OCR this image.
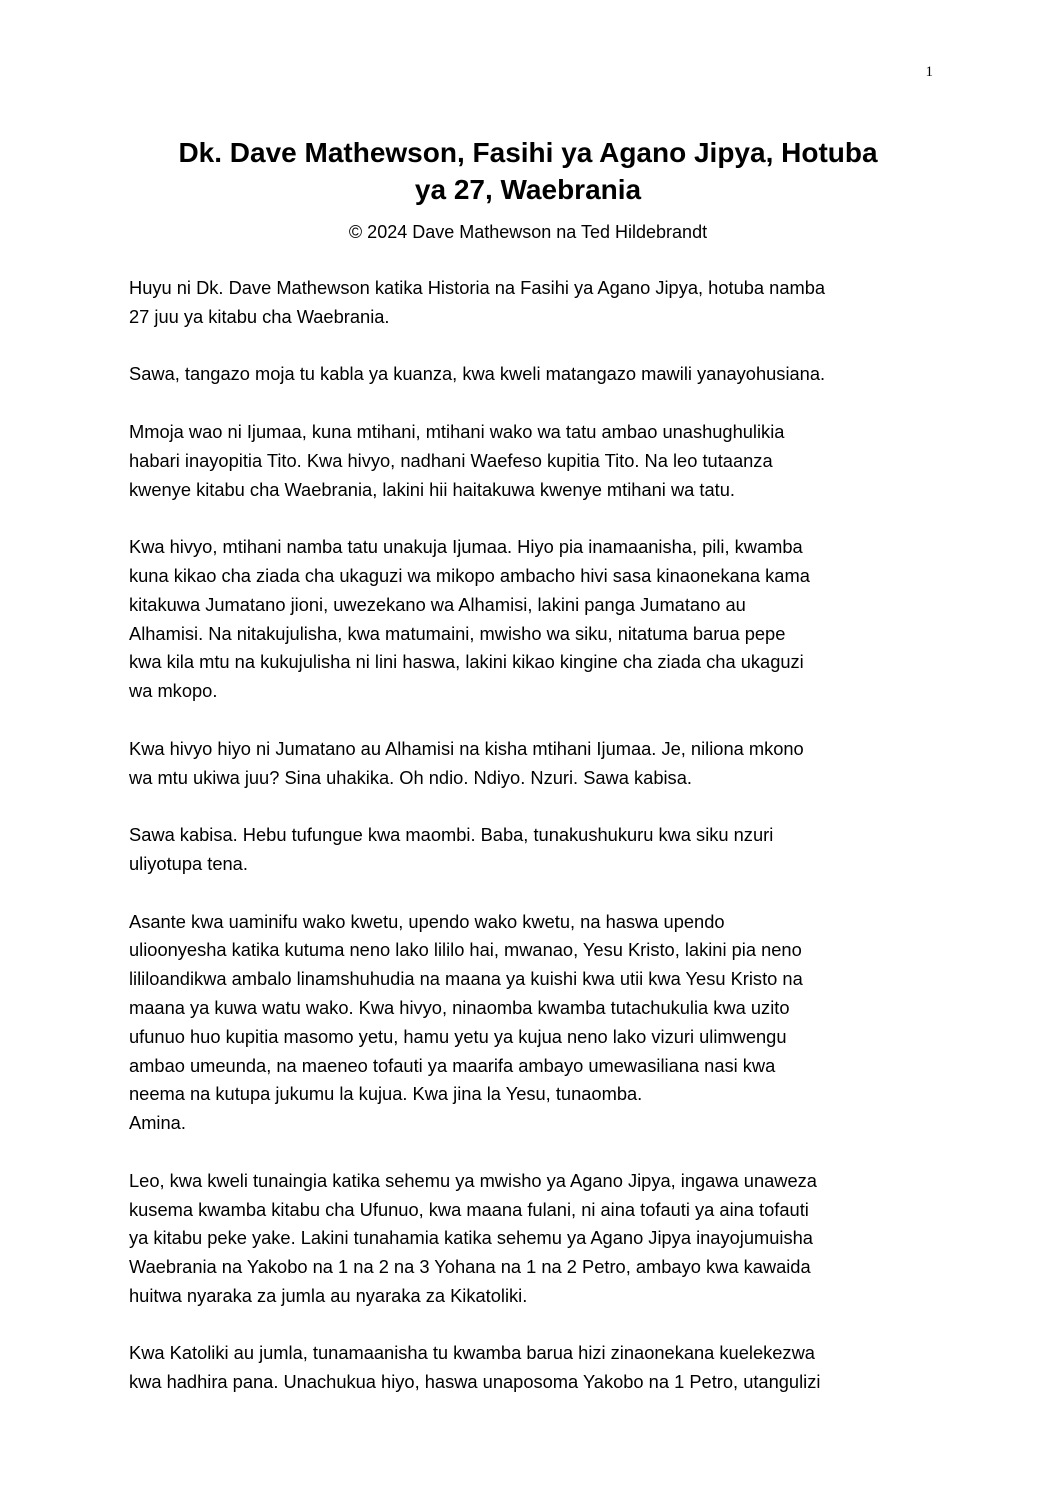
1
Dk. Dave Mathewson, Fasihi ya Agano Jipya, Hotuba
ya 27, Waebrania
© 2024 Dave Mathewson na Ted Hildebrandt

Huyu ni Dk. Dave Mathewson katika Historia na Fasihi ya Agano Jipya, hotuba namba
27 juu ya kitabu cha Waebrania.

Sawa, tangazo moja tu kabla ya kuanza, kwa kweli matangazo mawili yanayohusiana.

Mmoja wao ni Ijumaa, kuna mtihani, mtihani wako wa tatu ambao unashughulikia
habari inayopitia Tito. Kwa hivyo, nadhani Waefeso kupitia Tito. Na leo tutaanza
kwenye kitabu cha Waebrania, lakini hii haitakuwa kwenye mtihani wa tatu.

Kwa hivyo, mtihani namba tatu unakuja Ijumaa. Hiyo pia inamaanisha, pili, kwamba
kuna kikao cha ziada cha ukaguzi wa mikopo ambacho hivi sasa kinaonekana kama
kitakuwa Jumatano jioni, uwezekano wa Alhamisi, lakini panga Jumatano au
Alhamisi. Na nitakujulisha, kwa matumaini, mwisho wa siku, nitatuma barua pepe
kwa kila mtu na kukujulisha ni lini haswa, lakini kikao kingine cha ziada cha ukaguzi
wa mkopo.

Kwa hivyo hiyo ni Jumatano au Alhamisi na kisha mtihani Ijumaa. Je, niliona mkono
wa mtu ukiwa juu? Sina uhakika. Oh ndio. Ndiyo. Nzuri. Sawa kabisa.

Sawa kabisa. Hebu tufungue kwa maombi. Baba, tunakushukuru kwa siku nzuri
uliyotupa tena.

Asante kwa uaminifu wako kwetu, upendo wako kwetu, na haswa upendo
ulioonyesha katika kutuma neno lako lililo hai, mwanao, Yesu Kristo, lakini pia neno
lililoandikwa ambalo linamshuhudia na maana ya kuishi kwa utii kwa Yesu Kristo na
maana ya kuwa watu wako. Kwa hivyo, ninaomba kwamba tutachukulia kwa uzito
ufunuo huo kupitia masomo yetu, hamu yetu ya kujua neno lako vizuri ulimwengu
ambao umeunda, na maeneo tofauti ya maarifa ambayo umewasiliana nasi kwa
neema na kutupa jukumu la kujua. Kwa jina la Yesu, tunaomba.
Amina.

Leo, kwa kweli tunaingia katika sehemu ya mwisho ya Agano Jipya, ingawa unaweza
kusema kwamba kitabu cha Ufunuo, kwa maana fulani, ni aina tofauti ya aina tofauti
ya kitabu peke yake. Lakini tunahamia katika sehemu ya Agano Jipya inayojumuisha
Waebrania na Yakobo na 1 na 2 na 3 Yohana na 1 na 2 Petro, ambayo kwa kawaida
huitwa nyaraka za jumla au nyaraka za Kikatoliki.

Kwa Katoliki au jumla, tunamaanisha tu kwamba barua hizi zinaonekana kuelekezwa
kwa hadhira pana. Unachukua hiyo, haswa unaposoma Yakobo na 1 Petro, utangulizi
